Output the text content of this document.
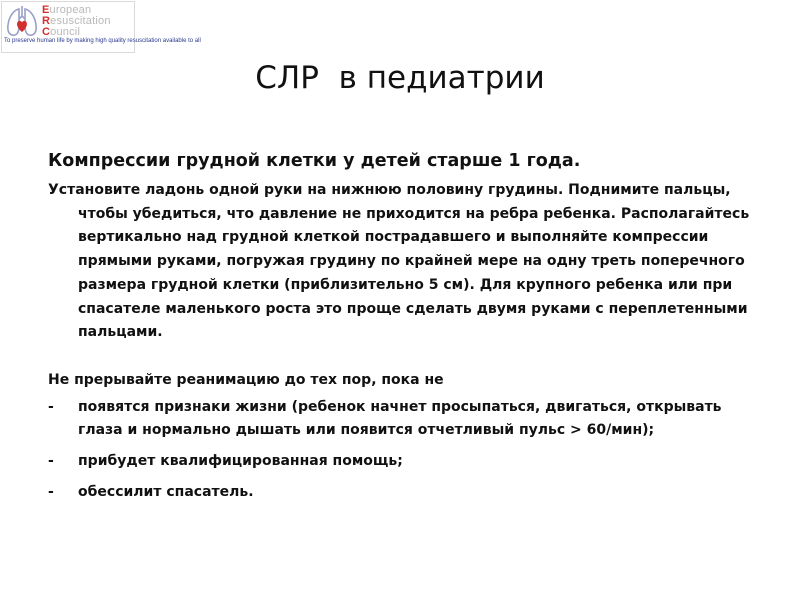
European
Resuscitation
Council
To preserve human life by making high quality resuscitation available to all
СЛР  в педиатрии

Компрессии грудной клетки у детей старше 1 года.

Установите ладонь одной руки на нижнюю половину грудины. Поднимите пальцы, чтобы убедиться, что давление не приходится на ребра ребенка. Располагайтесь вертикально над грудной клеткой пострадавшего и выполняйте компрессии прямыми руками, погружая грудину по крайней мере на одну треть поперечного размера грудной клетки (приблизительно 5 см). Для крупного ребенка или при спасателе маленького роста это проще сделать двумя руками с переплетенными пальцами.

Не прерывайте реанимацию до тех пор, пока не

- появятся признаки жизни (ребенок начнет просыпаться, двигаться, открывать глаза и нормально дышать или появится отчетливый пульс > 60/мин);
- прибудет квалифицированная помощь;
- обессилит спасатель.
